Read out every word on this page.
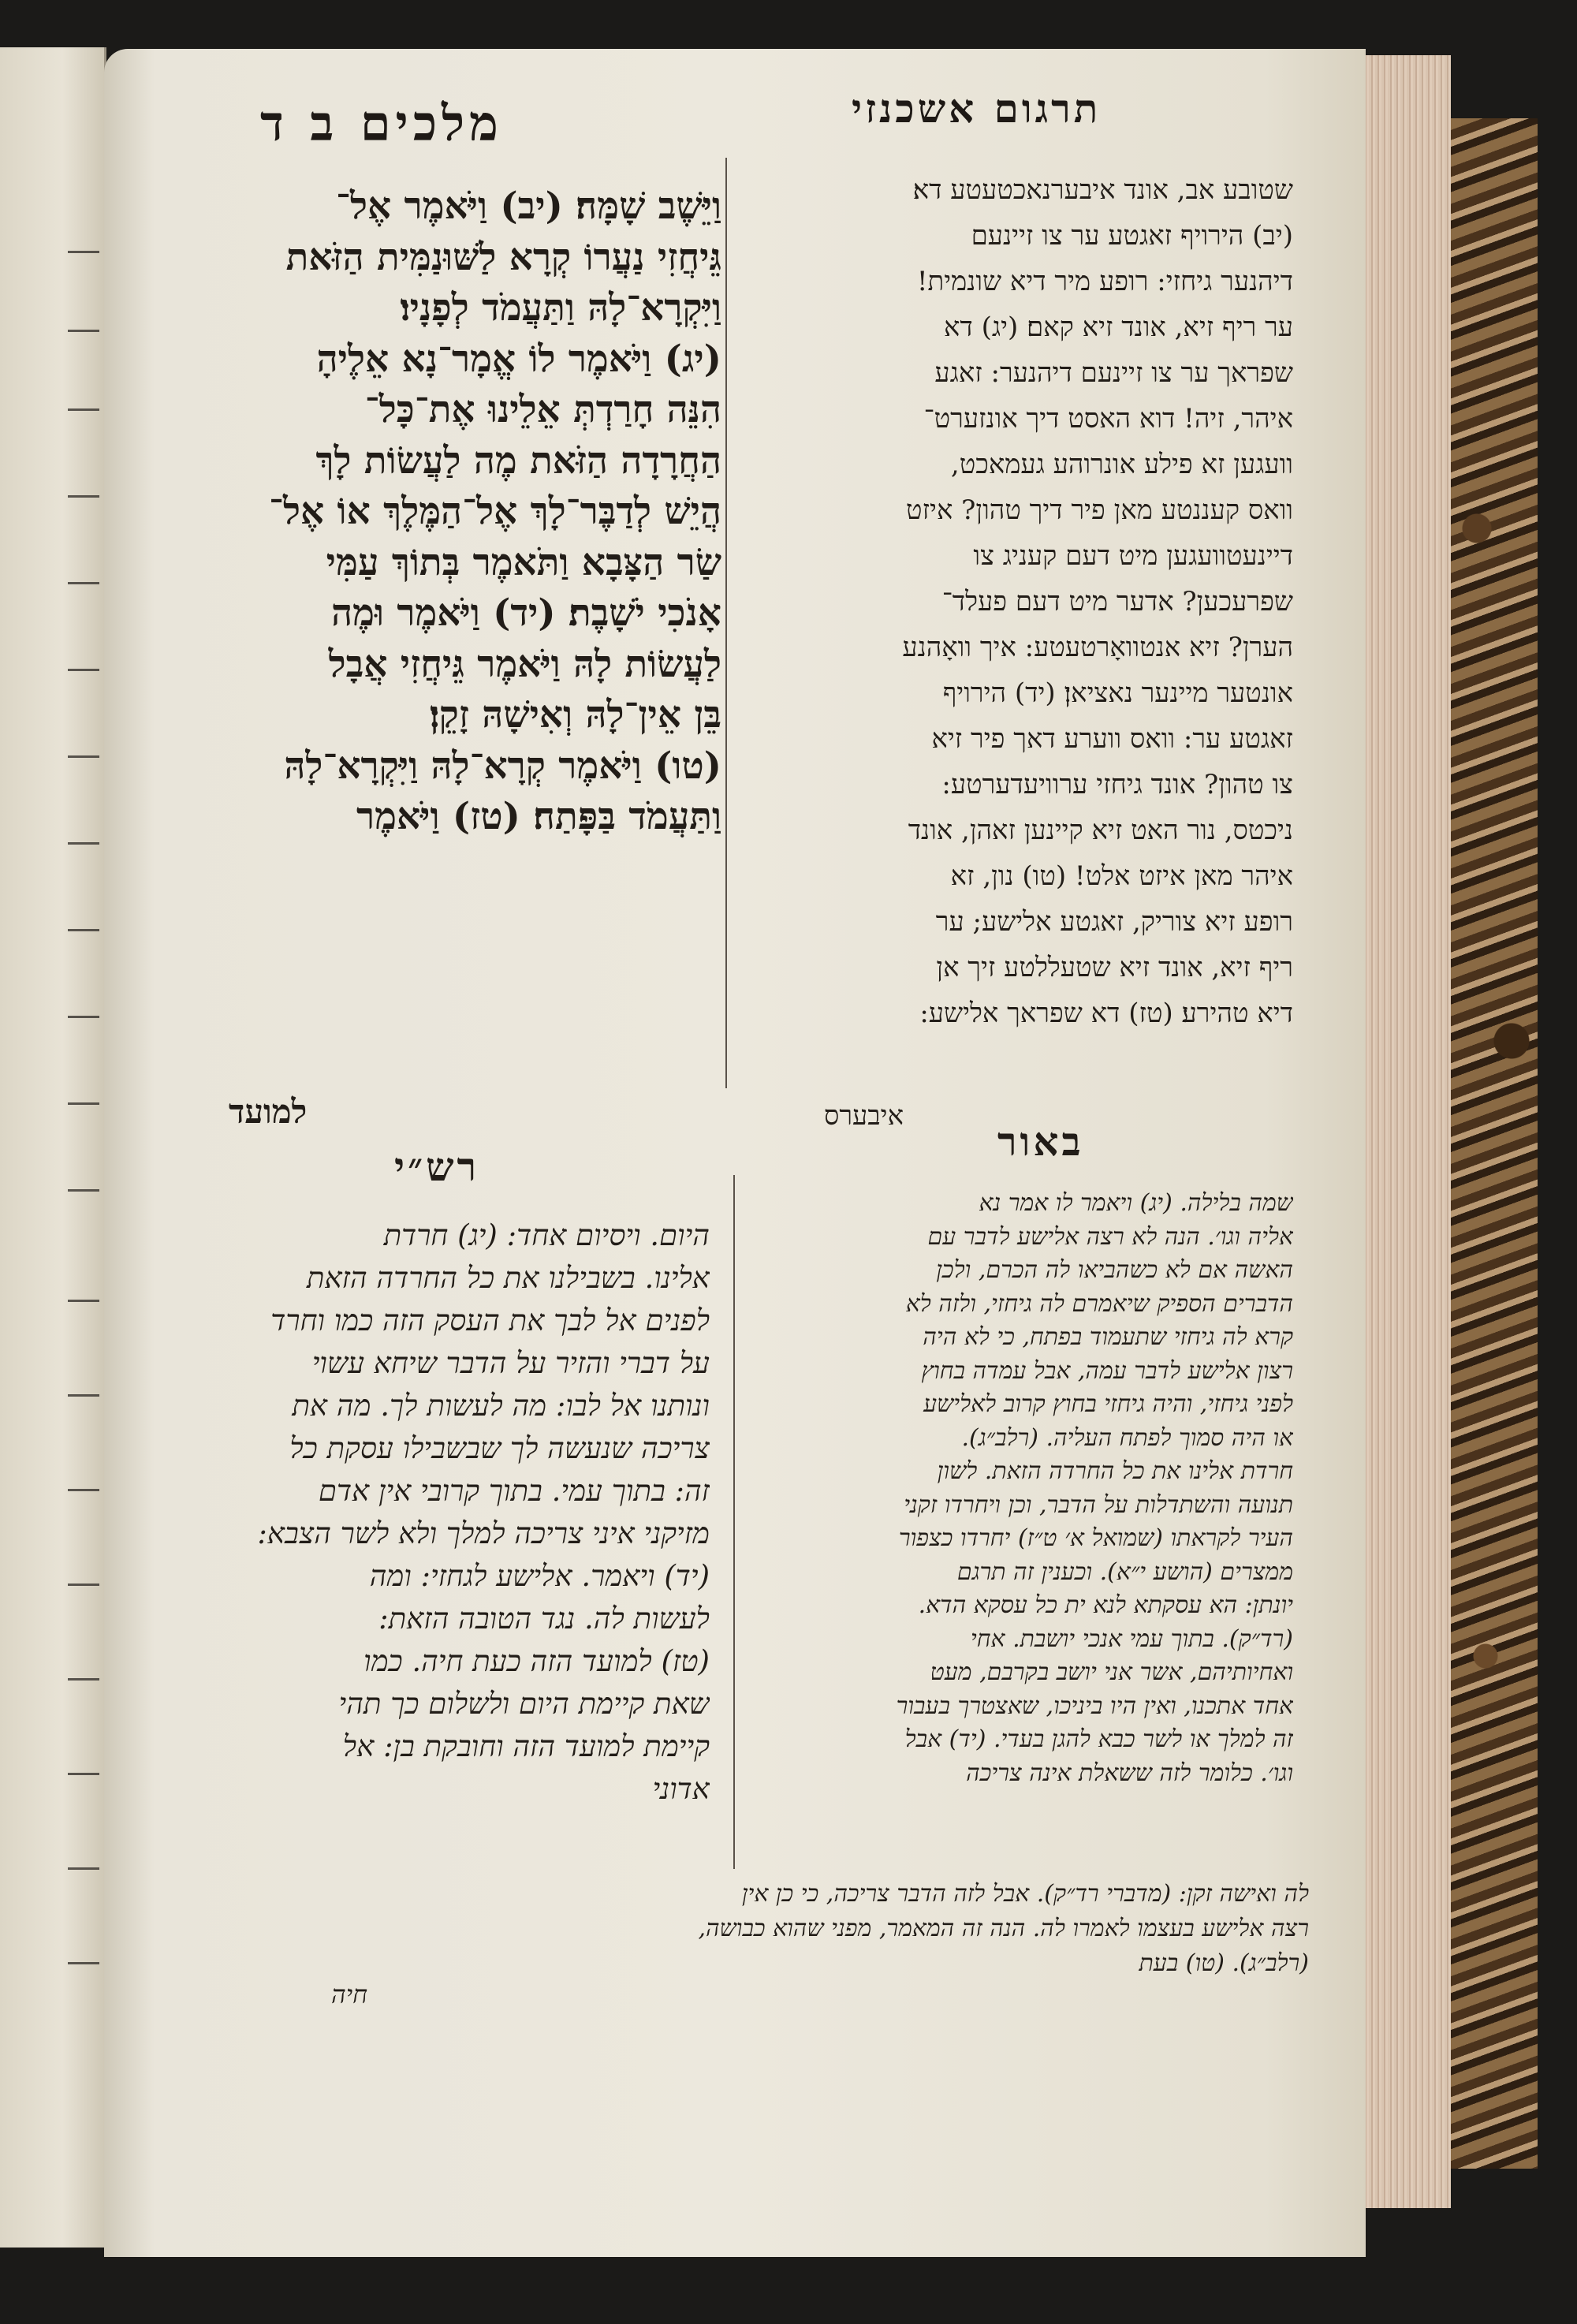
מלכים ב ד	תרגום אשכנזי
וַיֵּשֶׁב שָׁמָּה׃ (יב) וַיֹּאמֶר אֶל־
גֵּיחֲזִי נַעֲרוֹ קְרָא לַשּׁוּנַמִּית הַזֹּאת
וַיִּקְרָא־לָהּ וַתַּעֲמֹד לְפָנָיו׃
(יג) וַיֹּאמֶר לוֹ אֱמָר־נָא אֵלֶיהָ
הִנֵּה חָרַדְתְּ אֵלֵינוּ אֶת־כָּל־
הַחֲרָדָה הַזֹּאת מֶה לַעֲשׂוֹת לָךְ
הֲיֵשׁ לְדַבֶּר־לָךְ אֶל־הַמֶּלֶךְ אוֹ אֶל־
שַׂר הַצָּבָא וַתֹּאמֶר בְּתוֹךְ עַמִּי
אָנֹכִי יֹשָׁבֶת׃ (יד) וַיֹּאמֶר וּמֶה
לַעֲשׂוֹת לָהּ וַיֹּאמֶר גֵּיחֲזִי אֲבָל
בֵּן אֵין־לָהּ וְאִישָׁהּ זָקֵן׃
(טו) וַיֹּאמֶר קְרָא־לָהּ וַיִּקְרָא־לָהּ
וַתַּעֲמֹד בַּפָּתַח׃ (טז) וַיֹּאמֶר
למועד
שטובע אב, אונד איבערנאכטעטע דא׃
(יב) הירויף זאגטע ער צו זיינעם
דיהנער גיחזי: רופע מיר דיא שונמית!
ער ריף זיא, אונד זיא קאם׃ (יג) דא
שפראך ער צו זיינעם דיהנער: זאגע
איהר, זיה! דוא האסט דיך אונזערט־
וועגען זא פילע אונרוהע געמאכט,
וואס קעננטע מאן פיר דיך טהון? איזט
דיינעטוועגען מיט דעם קעניג צו
שפרעכען? אדער מיט דעם פעלד־
הערן? זיא אנטוואָרטעטע: איך וואָהנע
אונטער מיינער נאציאן׃ (יד) הירויף
זאגטע ער: וואס ווערע דאך פיר זיא
צו טהון? אונד גיחזי ערוויעדערטע:
ניכטס, נור האט זיא קיינען זאהן, אונד
איהר מאן איזט אלט! (טו) נון, זא
רופע זיא צוריק, זאגטע אלישע; ער
ריף זיא, אונד זיא שטעללטע זיך אן
דיא טהירע׃ (טז) דא שפראך אלישע:
איבערס
רש״י
באור
היום. ויסיום אחד: (יג) חרדת
אלינו. בשבילנו את כל החרדה הזאת
לפנים אל לבך את העסק הזה כמו וחרד
על דברי והזיר על הדבר שיחא עשוי
ונותנו אל לבו: מה לעשות לך. מה את
צריכה שנעשה לך שבשבילו עסקת כל
זה: בתוך עמי. בתוך קרובי אין אדם
מזיקני איני צריכה למלך ולא לשר הצבא:
(יד) ויאמר. אלישע לגחזי: ומה
לעשות לה. נגד הטובה הזאת:
(טז) למועד הזה כעת חיה. כמו
שאת קיימת היום ולשלום כך תהי
קיימת למועד הזה וחובקת בן: אל
אדוני
שמה בלילה. (יג) ויאמר לו אמר נא
אליה וגו׳. הנה לא רצה אלישע לדבר עם
האשה אם לא כשהביאו לה הכרם, ולכן
הדברים הספיק שיאמרם לה גיחזי, ולזה לא
קרא לה גיחזי שתעמוד בפתח, כי לא היה
רצון אלישע לדבר עמה, אבל עמדה בחוץ
לפני גיחזי, והיה גיחזי בחוץ קרוב לאלישע
או היה סמוך לפתח העליה. (רלב״ג).
חרדת אלינו את כל החרדה הזאת. לשון
תנועה והשתדלות על הדבר, וכן ויחרדו זקני
העיר לקראתו (שמואל א׳ ט״ז) יחרדו כצפור
ממצרים (הושע י״א). וכענין זה תרגם
יונתן: הא עסקתא לנא ית כל עסקא הדא.
(רד״ק). בתוך עמי אנכי יושבת. אחי
ואחיותיהם, אשר אני יושב בקרבם, מעט
אחד אתכנו, ואין היו ביניכו, שאצטרך בעבור
זה למלך או לשר כבא להגן בעדי. (יד) אבל
וגו׳. כלומר לזה ששאלת אינה צריכה
לה ואישה זקן: (מדברי רד״ק). אבל לזה הדבר צריכה, כי כן אין
רצה אלישע בעצמו לאמרו לה. הנה זה המאמר, מפני שהוא כבושה,
(רלב״ג). (טו) בעת
חיה
